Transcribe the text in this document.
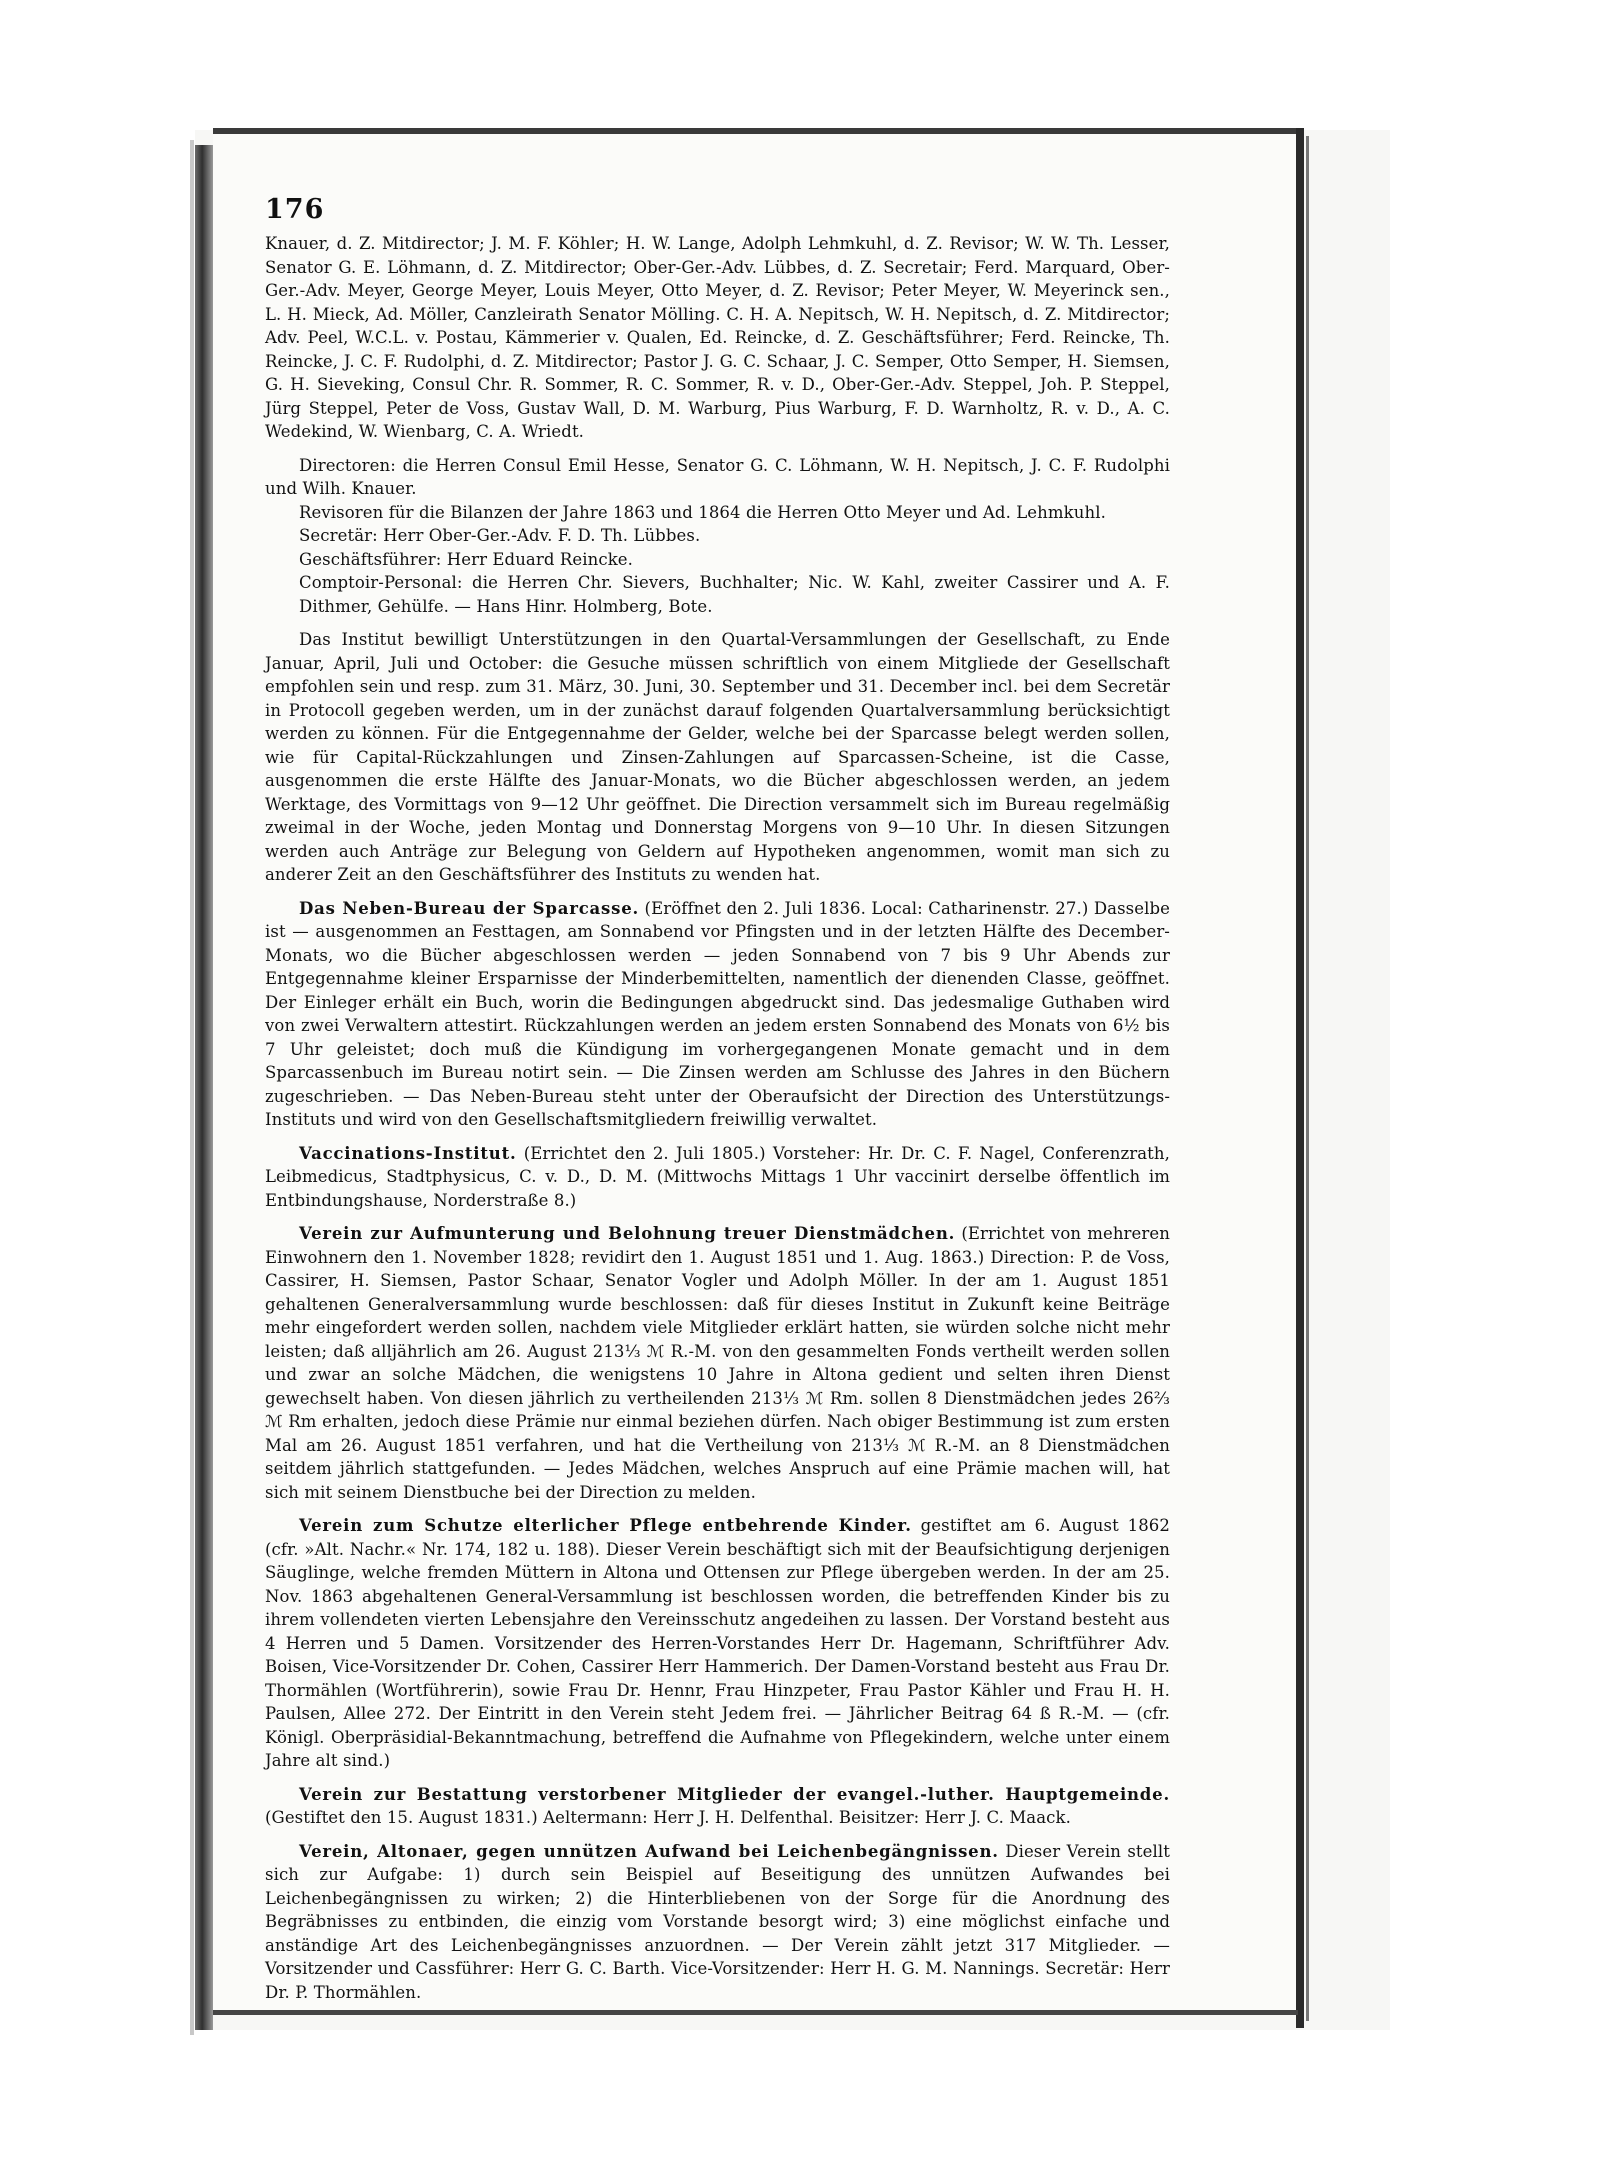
176

Knauer, d. Z. Mitdirector; J. M. F. Köhler; H. W. Lange, Adolph Lehmkuhl, d. Z. Revisor; W. W. Th. Lesser, Senator G. E. Löhmann, d. Z. Mitdirector; Ober-Ger.-Adv. Lübbes, d. Z. Secretair; Ferd. Marquard, Ober-Ger.-Adv. Meyer, George Meyer, Louis Meyer, Otto Meyer, d. Z. Revisor; Peter Meyer, W. Meyerinck sen., L. H. Mieck, Ad. Möller, Canzleirath Senator Mölling. C. H. A. Nepitsch, W. H. Nepitsch, d. Z. Mitdirector; Adv. Peel, W.C.L. v. Postau, Kämmerier v. Qualen, Ed. Reincke, d. Z. Geschäftsführer; Ferd. Reincke, Th. Reincke, J. C. F. Rudolphi, d. Z. Mitdirector; Pastor J. G. C. Schaar, J. C. Semper, Otto Semper, H. Siemsen, G. H. Sieveking, Consul Chr. R. Sommer, R. C. Sommer, R. v. D., Ober-Ger.-Adv. Steppel, Joh. P. Steppel, Jürg Steppel, Peter de Voss, Gustav Wall, D. M. Warburg, Pius Warburg, F. D. Warnholtz, R. v. D., A. C. Wedekind, W. Wienbarg, C. A. Wriedt.

Directoren: die Herren Consul Emil Hesse, Senator G. C. Löhmann, W. H. Nepitsch, J. C. F. Rudolphi und Wilh. Knauer.

Revisoren für die Bilanzen der Jahre 1863 und 1864 die Herren Otto Meyer und Ad. Lehmkuhl.

Secretär: Herr Ober-Ger.-Adv. F. D. Th. Lübbes.

Geschäftsführer: Herr Eduard Reincke.

Comptoir-Personal: die Herren Chr. Sievers, Buchhalter; Nic. W. Kahl, zweiter Cassirer und A. F. Dithmer, Gehülfe. — Hans Hinr. Holmberg, Bote.

Das Institut bewilligt Unterstützungen in den Quartal-Versammlungen der Gesellschaft, zu Ende Januar, April, Juli und October: die Gesuche müssen schriftlich von einem Mitgliede der Gesellschaft empfohlen sein und resp. zum 31. März, 30. Juni, 30. September und 31. December incl. bei dem Secretär in Protocoll gegeben werden, um in der zunächst darauf folgenden Quartalversammlung berücksichtigt werden zu können. Für die Entgegennahme der Gelder, welche bei der Sparcasse belegt werden sollen, wie für Capital-Rückzahlungen und Zinsen-Zahlungen auf Sparcassen-Scheine, ist die Casse, ausgenommen die erste Hälfte des Januar-Monats, wo die Bücher abgeschlossen werden, an jedem Werktage, des Vormittags von 9—12 Uhr geöffnet. Die Direction versammelt sich im Bureau regelmäßig zweimal in der Woche, jeden Montag und Donnerstag Morgens von 9—10 Uhr. In diesen Sitzungen werden auch Anträge zur Belegung von Geldern auf Hypotheken angenommen, womit man sich zu anderer Zeit an den Geschäftsführer des Instituts zu wenden hat.

Das Neben-Bureau der Sparcasse. (Eröffnet den 2. Juli 1836. Local: Catharinenstr. 27.) Dasselbe ist — ausgenommen an Festtagen, am Sonnabend vor Pfingsten und in der letzten Hälfte des December-Monats, wo die Bücher abgeschlossen werden — jeden Sonnabend von 7 bis 9 Uhr Abends zur Entgegennahme kleiner Ersparnisse der Minderbemittelten, namentlich der dienenden Classe, geöffnet. Der Einleger erhält ein Buch, worin die Bedingungen abgedruckt sind. Das jedesmalige Guthaben wird von zwei Verwaltern attestirt. Rückzahlungen werden an jedem ersten Sonnabend des Monats von 6½ bis 7 Uhr geleistet; doch muß die Kündigung im vorhergegangenen Monate gemacht und in dem Sparcassenbuch im Bureau notirt sein. — Die Zinsen werden am Schlusse des Jahres in den Büchern zugeschrieben. — Das Neben-Bureau steht unter der Oberaufsicht der Direction des Unterstützungs-Instituts und wird von den Gesellschaftsmitgliedern freiwillig verwaltet.

Vaccinations-Institut. (Errichtet den 2. Juli 1805.) Vorsteher: Hr. Dr. C. F. Nagel, Conferenzrath, Leibmedicus, Stadtphysicus, C. v. D., D. M. (Mittwochs Mittags 1 Uhr vaccinirt derselbe öffentlich im Entbindungshause, Norderstraße 8.)

Verein zur Aufmunterung und Belohnung treuer Dienstmädchen. (Errichtet von mehreren Einwohnern den 1. November 1828; revidirt den 1. August 1851 und 1. Aug. 1863.) Direction: P. de Voss, Cassirer, H. Siemsen, Pastor Schaar, Senator Vogler und Adolph Möller. In der am 1. August 1851 gehaltenen Generalversammlung wurde beschlossen: daß für dieses Institut in Zukunft keine Beiträge mehr eingefordert werden sollen, nachdem viele Mitglieder erklärt hatten, sie würden solche nicht mehr leisten; daß alljährlich am 26. August 213⅓ ℳ R.-M. von den gesammelten Fonds vertheilt werden sollen und zwar an solche Mädchen, die wenigstens 10 Jahre in Altona gedient und selten ihren Dienst gewechselt haben. Von diesen jährlich zu vertheilenden 213⅓ ℳ Rm. sollen 8 Dienstmädchen jedes 26⅔ ℳ Rm erhalten, jedoch diese Prämie nur einmal beziehen dürfen. Nach obiger Bestimmung ist zum ersten Mal am 26. August 1851 verfahren, und hat die Vertheilung von 213⅓ ℳ R.-M. an 8 Dienstmädchen seitdem jährlich stattgefunden. — Jedes Mädchen, welches Anspruch auf eine Prämie machen will, hat sich mit seinem Dienstbuche bei der Direction zu melden.

Verein zum Schutze elterlicher Pflege entbehrende Kinder. gestiftet am 6. August 1862 (cfr. »Alt. Nachr.« Nr. 174, 182 u. 188). Dieser Verein beschäftigt sich mit der Beaufsichtigung derjenigen Säuglinge, welche fremden Müttern in Altona und Ottensen zur Pflege übergeben werden. In der am 25. Nov. 1863 abgehaltenen General-Versammlung ist beschlossen worden, die betreffenden Kinder bis zu ihrem vollendeten vierten Lebensjahre den Vereinsschutz angedeihen zu lassen. Der Vorstand besteht aus 4 Herren und 5 Damen. Vorsitzender des Herren-Vorstandes Herr Dr. Hagemann, Schriftführer Adv. Boisen, Vice-Vorsitzender Dr. Cohen, Cassirer Herr Hammerich. Der Damen-Vorstand besteht aus Frau Dr. Thormählen (Wortführerin), sowie Frau Dr. Hennr, Frau Hinzpeter, Frau Pastor Kähler und Frau H. H. Paulsen, Allee 272. Der Eintritt in den Verein steht Jedem frei. — Jährlicher Beitrag 64 ß R.-M. — (cfr. Königl. Oberpräsidial-Bekanntmachung, betreffend die Aufnahme von Pflegekindern, welche unter einem Jahre alt sind.)

Verein zur Bestattung verstorbener Mitglieder der evangel.-luther. Hauptgemeinde. (Gestiftet den 15. August 1831.) Aeltermann: Herr J. H. Delfenthal. Beisitzer: Herr J. C. Maack.

Verein, Altonaer, gegen unnützen Aufwand bei Leichenbegängnissen. Dieser Verein stellt sich zur Aufgabe: 1) durch sein Beispiel auf Beseitigung des unnützen Aufwandes bei Leichenbegängnissen zu wirken; 2) die Hinterbliebenen von der Sorge für die Anordnung des Begräbnisses zu entbinden, die einzig vom Vorstande besorgt wird; 3) eine möglichst einfache und anständige Art des Leichenbegängnisses anzuordnen. — Der Verein zählt jetzt 317 Mitglieder. — Vorsitzender und Cassführer: Herr G. C. Barth. Vice-Vorsitzender: Herr H. G. M. Nannings. Secretär: Herr Dr. P. Thormählen.
